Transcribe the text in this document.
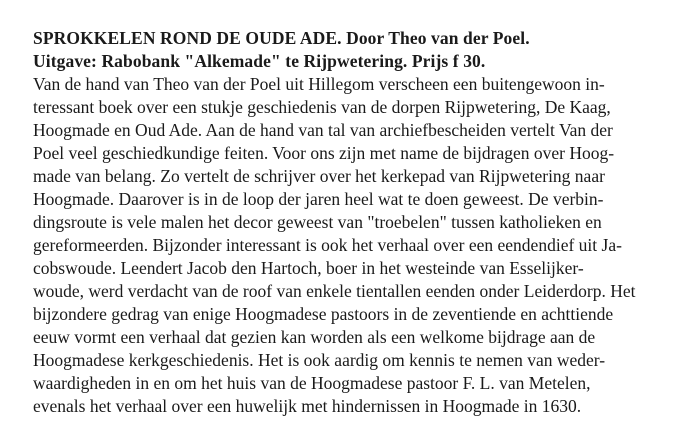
SPROKKELEN ROND DE OUDE ADE. Door Theo van der Poel.
Uitgave: Rabobank "Alkemade" te Rijpwetering. Prijs f 30.

Van de hand van Theo van der Poel uit Hillegom verscheen een buitengewoon in-
teressant boek over een stukje geschiedenis van de dorpen Rijpwetering, De Kaag,
Hoogmade en Oud Ade. Aan de hand van tal van archiefbescheiden vertelt Van der
Poel veel geschiedkundige feiten. Voor ons zijn met name de bijdragen over Hoog-
made van belang. Zo vertelt de schrijver over het kerkepad van Rijpwetering naar
Hoogmade. Daarover is in de loop der jaren heel wat te doen geweest. De verbin-
dingsroute is vele malen het decor geweest van "troebelen" tussen katholieken en
gereformeerden. Bijzonder interessant is ook het verhaal over een eendendief uit Ja-
cobswoude. Leendert Jacob den Hartoch, boer in het westeinde van Esselijker-
woude, werd verdacht van de roof van enkele tientallen eenden onder Leiderdorp. Het
bijzondere gedrag van enige Hoogmadese pastoors in de zeventiende en achttiende
eeuw vormt een verhaal dat gezien kan worden als een welkome bijdrage aan de
Hoogmadese kerkgeschiedenis. Het is ook aardig om kennis te nemen van weder-
waardigheden in en om het huis van de Hoogmadese pastoor F. L. van Metelen,
evenals het verhaal over een huwelijk met hindernissen in Hoogmade in 1630.
